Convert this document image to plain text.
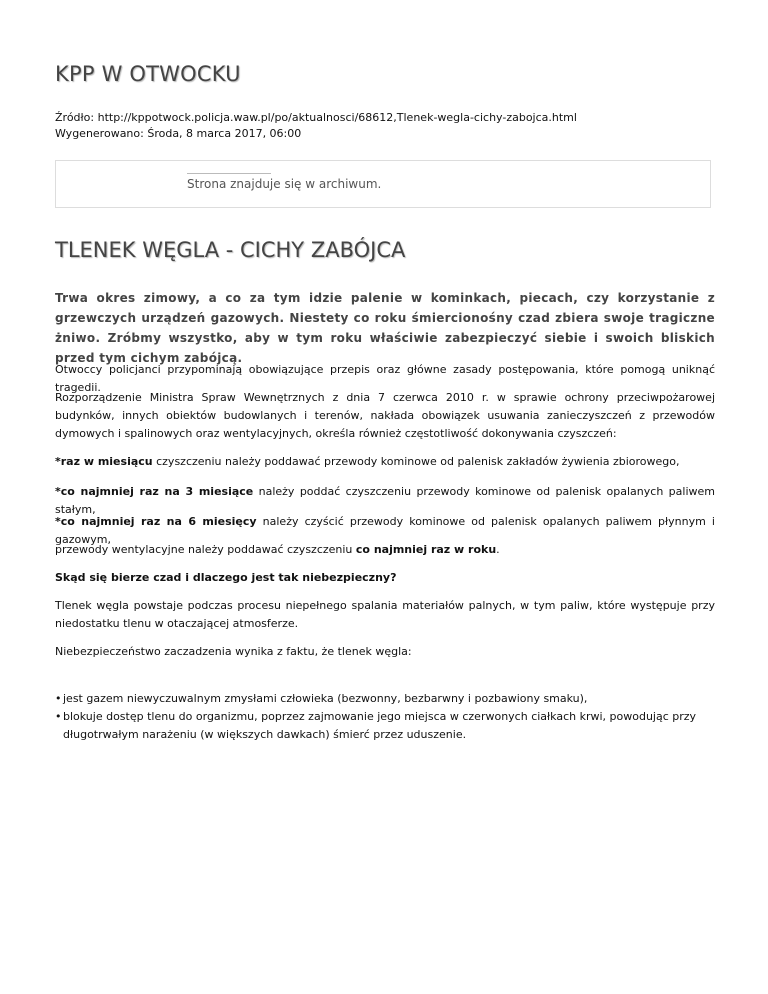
KPP W OTWOCKU
Źródło: http://kppotwock.policja.waw.pl/po/aktualnosci/68612,Tlenek-wegla-cichy-zabojca.html
Wygenerowano: Środa, 8 marca 2017, 06:00
Strona znajduje się w archiwum.
TLENEK WĘGLA - CICHY ZABÓJCA
Trwa okres zimowy, a co za tym idzie palenie w kominkach, piecach, czy korzystanie z grzewczych urządzeń gazowych. Niestety co roku śmiercionośny czad zbiera swoje tragiczne żniwo. Zróbmy wszystko, aby w tym roku właściwie zabezpieczyć siebie i swoich bliskich przed tym cichym zabójcą.
Otwoccy policjanci przypominają obowiązujące przepis oraz główne zasady postępowania, które pomogą uniknąć tragedii.
Rozporządzenie Ministra Spraw Wewnętrznych z dnia 7 czerwca 2010 r. w sprawie ochrony przeciwpożarowej budynków, innych obiektów budowlanych i terenów, nakłada obowiązek usuwania zanieczyszczeń z przewodów dymowych i spalinowych oraz wentylacyjnych, określa również częstotliwość dokonywania czyszczeń:
*raz w miesiącu czyszczeniu należy poddawać przewody kominowe od palenisk zakładów żywienia zbiorowego,
*co najmniej raz na 3 miesiące należy poddać czyszczeniu przewody kominowe od palenisk opalanych paliwem stałym,
*co najmniej raz na 6 miesięcy należy czyścić przewody kominowe od palenisk opalanych paliwem płynnym i gazowym,
przewody wentylacyjne należy poddawać czyszczeniu co najmniej raz w roku.
Skąd się bierze czad i dlaczego jest tak niebezpieczny?
Tlenek węgla powstaje podczas procesu niepełnego spalania materiałów palnych, w tym paliw, które występuje przy niedostatku tlenu w otaczającej atmosferze.
Niebezpieczeństwo zaczadzenia wynika z faktu, że tlenek węgla:
• jest gazem niewyczuwalnym zmysłami człowieka (bezwonny, bezbarwny i pozbawiony smaku),
• blokuje dostęp tlenu do organizmu, poprzez zajmowanie jego miejsca w czerwonych ciałkach krwi, powodując przy długotrwałym narażeniu (w większych dawkach) śmierć przez uduszenie.
